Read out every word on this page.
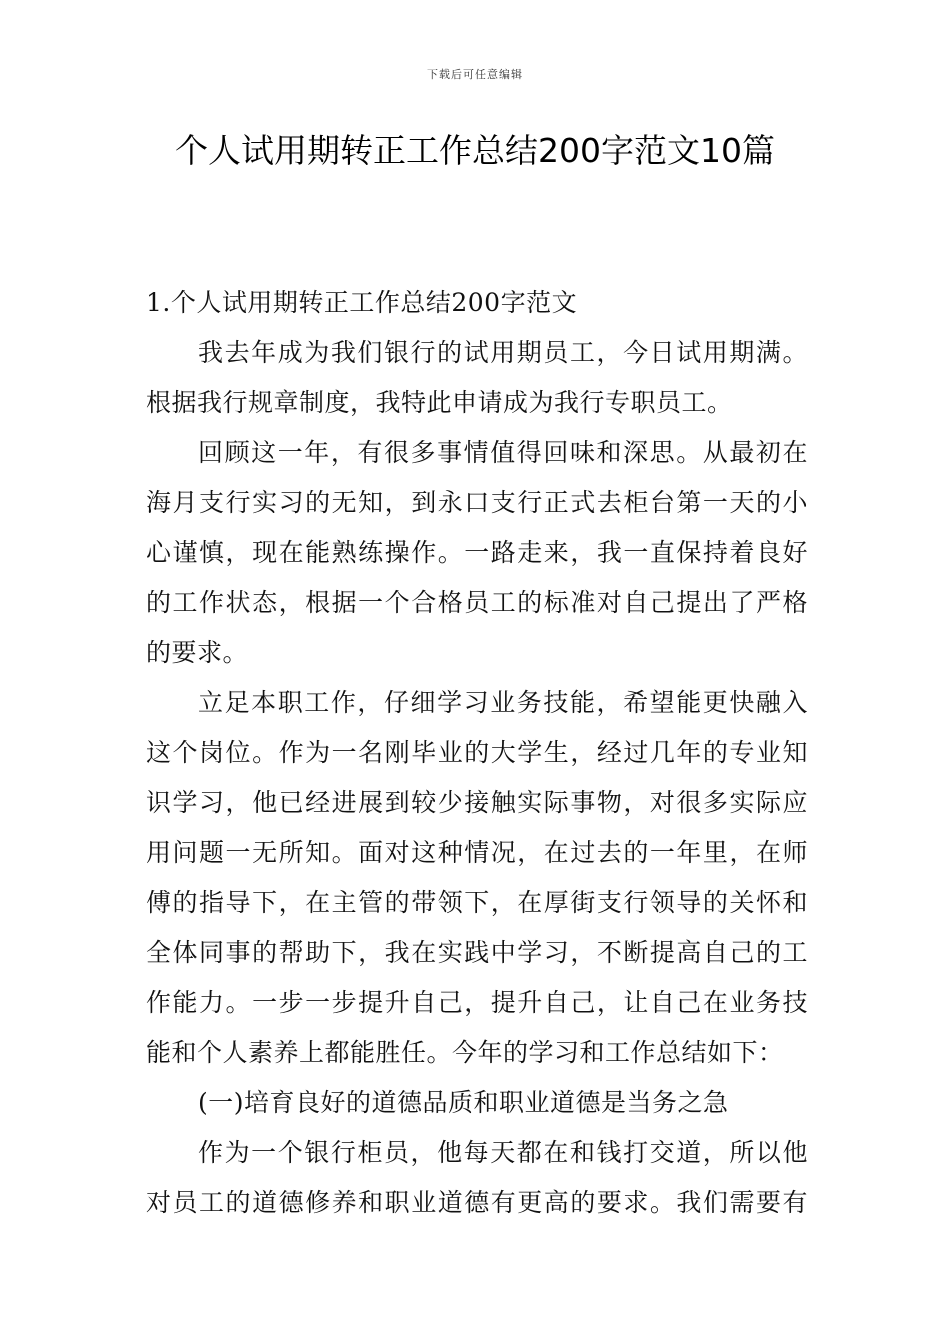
下载后可任意编辑
个人试用期转正工作总结200字范文10篇
1.个人试用期转正工作总结200字范文
我去年成为我们银行的试用期员工，今日试用期满。
根据我行规章制度，我特此申请成为我行专职员工。
回顾这一年，有很多事情值得回味和深思。从最初在
海月支行实习的无知，到永口支行正式去柜台第一天的小
心谨慎，现在能熟练操作。一路走来，我一直保持着良好
的工作状态，根据一个合格员工的标准对自己提出了严格
的要求。
立足本职工作，仔细学习业务技能，希望能更快融入
这个岗位。作为一名刚毕业的大学生，经过几年的专业知
识学习，他已经进展到较少接触实际事物，对很多实际应
用问题一无所知。面对这种情况，在过去的一年里，在师
傅的指导下，在主管的带领下，在厚街支行领导的关怀和
全体同事的帮助下，我在实践中学习，不断提高自己的工
作能力。一步一步提升自己，提升自己，让自己在业务技
能和个人素养上都能胜任。今年的学习和工作总结如下：
(一)培育良好的道德品质和职业道德是当务之急
作为一个银行柜员，他每天都在和钱打交道，所以他
对员工的道德修养和职业道德有更高的要求。我们需要有
